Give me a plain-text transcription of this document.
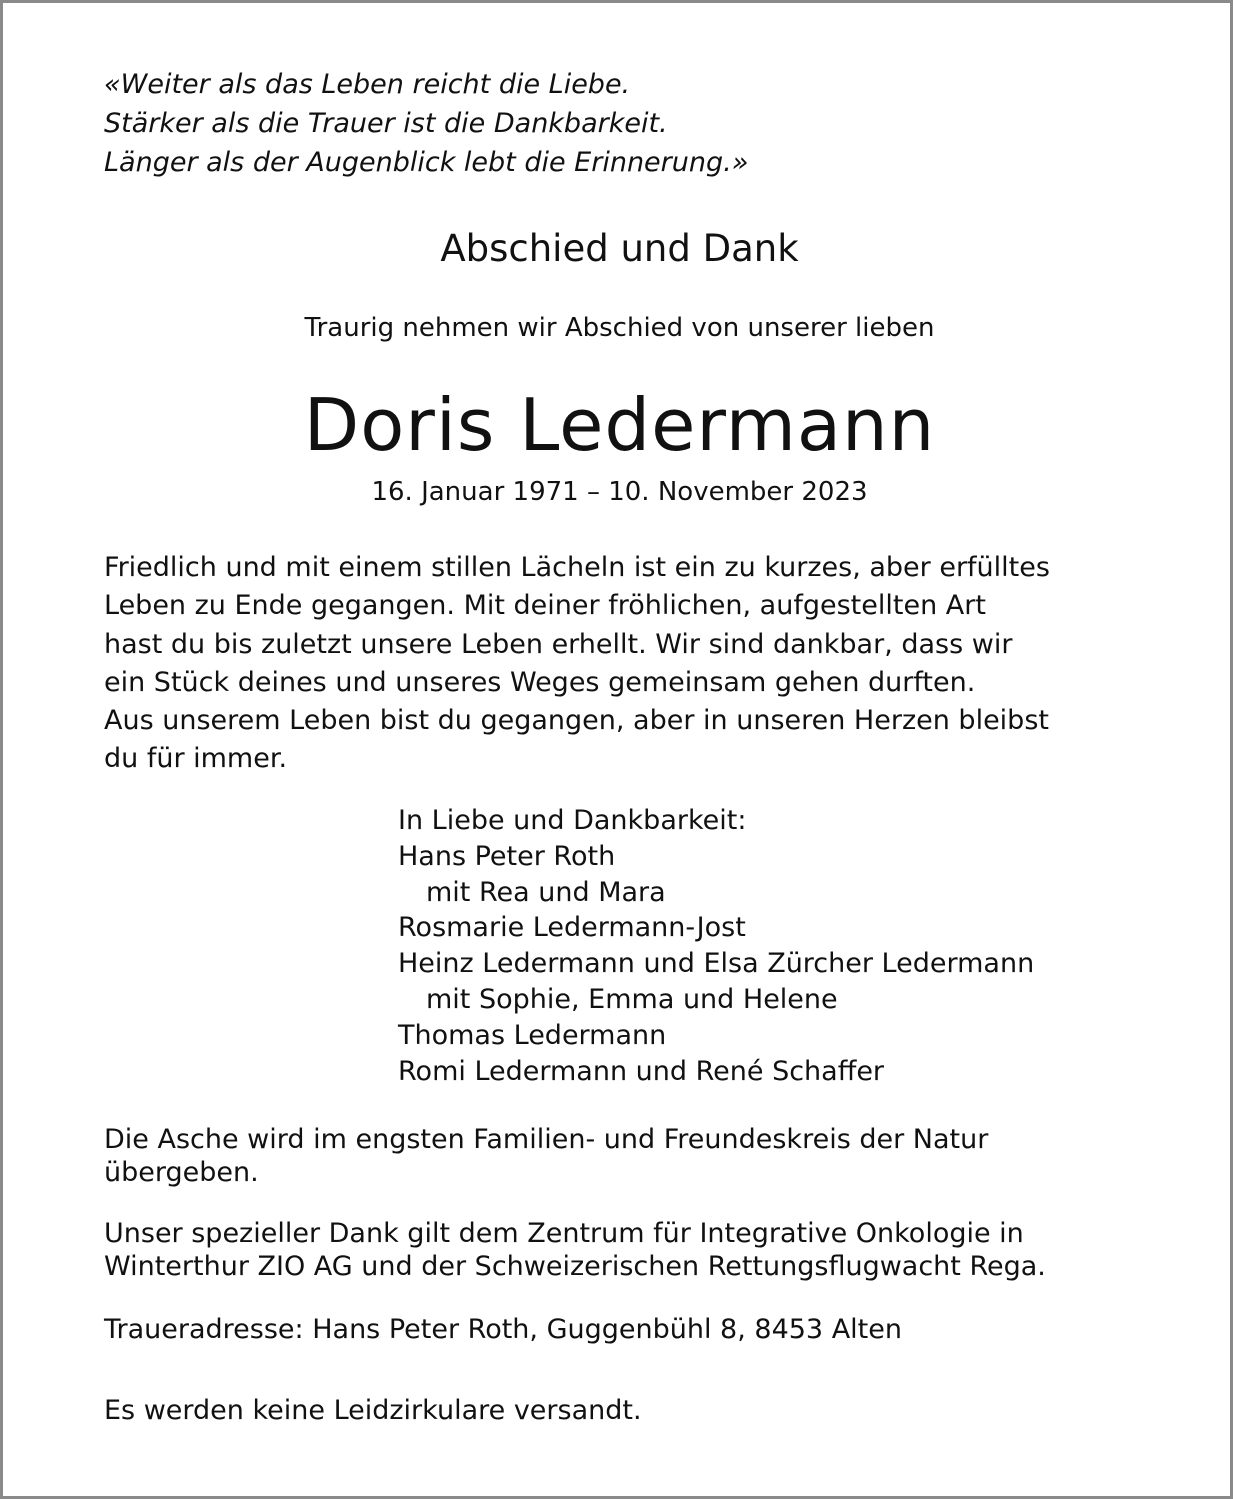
«Weiter als das Leben reicht die Liebe.
Stärker als die Trauer ist die Dankbarkeit.
Länger als der Augenblick lebt die Erinnerung.»
Abschied und Dank
Traurig nehmen wir Abschied von unserer lieben
Doris Ledermann
16. Januar 1971 – 10. November 2023
Friedlich und mit einem stillen Lächeln ist ein zu kurzes, aber erfülltes
Leben zu Ende gegangen. Mit deiner fröhlichen, aufgestellten Art
hast du bis zuletzt unsere Leben erhellt. Wir sind dankbar, dass wir
ein Stück deines und unseres Weges gemeinsam gehen durften.
Aus unserem Leben bist du gegangen, aber in unseren Herzen bleibst
du für immer.
In Liebe und Dankbarkeit:
Hans Peter Roth
mit Rea und Mara
Rosmarie Ledermann-Jost
Heinz Ledermann und Elsa Zürcher Ledermann
mit Sophie, Emma und Helene
Thomas Ledermann
Romi Ledermann und René Schaffer
Die Asche wird im engsten Familien- und Freundeskreis der Natur
übergeben.
Unser spezieller Dank gilt dem Zentrum für Integrative Onkologie in
Winterthur ZIO AG und der Schweizerischen Rettungsflugwacht Rega.
Traueradresse: Hans Peter Roth, Guggenbühl 8, 8453 Alten
Es werden keine Leidzirkulare versandt.
